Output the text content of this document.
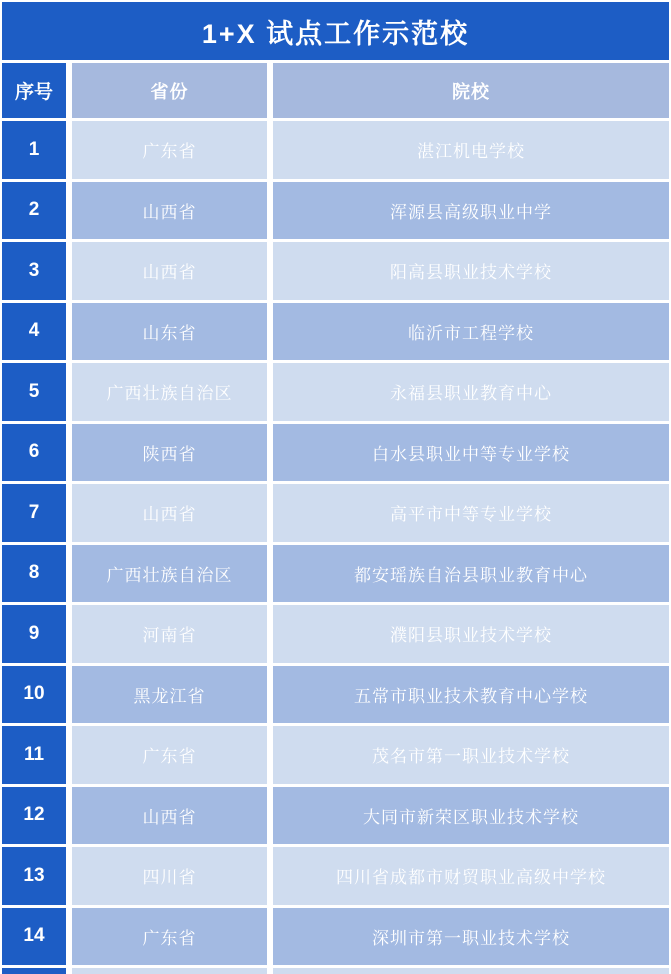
1+X 试点工作示范校
序号	省份	院校
1	广东省	湛江机电学校
2	山西省	浑源县高级职业中学
3	山西省	阳高县职业技术学校
4	山东省	临沂市工程学校
5	广西壮族自治区	永福县职业教育中心
6	陕西省	白水县职业中等专业学校
7	山西省	高平市中等专业学校
8	广西壮族自治区	都安瑶族自治县职业教育中心
9	河南省	濮阳县职业技术学校
10	黑龙江省	五常市职业技术教育中心学校
11	广东省	茂名市第一职业技术学校
12	山西省	大同市新荣区职业技术学校
13	四川省	四川省成都市财贸职业高级中学校
14	广东省	深圳市第一职业技术学校
